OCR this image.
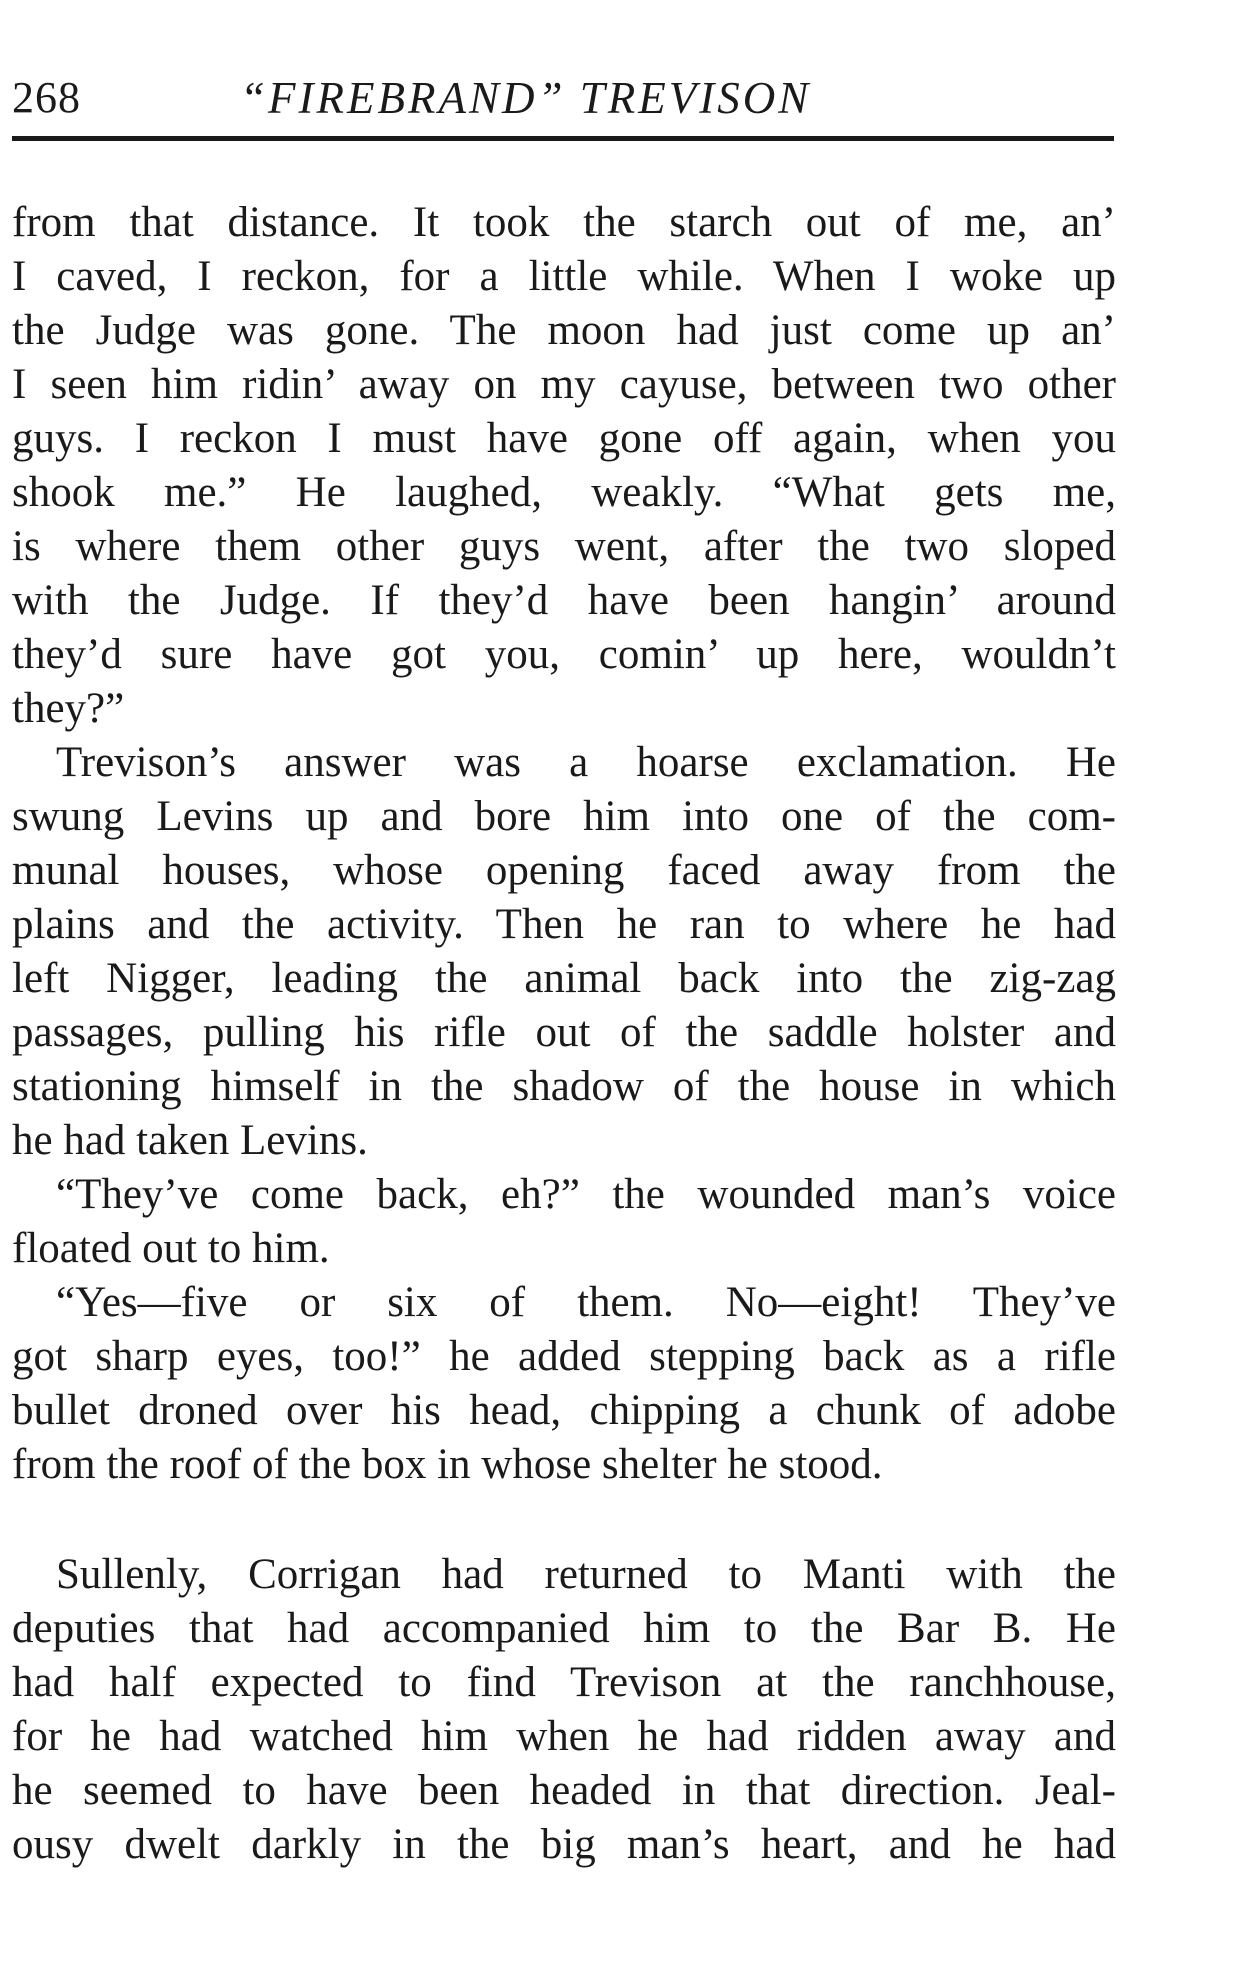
268	“FIREBRAND” TREVISON
from that distance. It took the starch out of me, an’
I caved, I reckon, for a little while. When I woke up
the Judge was gone. The moon had just come up an’
I seen him ridin’ away on my cayuse, between two other
guys. I reckon I must have gone off again, when you
shook me.” He laughed, weakly. “What gets me,
is where them other guys went, after the two sloped
with the Judge. If they’d have been hangin’ around
they’d sure have got you, comin’ up here, wouldn’t
they?”
Trevison’s answer was a hoarse exclamation. He
swung Levins up and bore him into one of the com-
munal houses, whose opening faced away from the
plains and the activity. Then he ran to where he had
left Nigger, leading the animal back into the zig-zag
passages, pulling his rifle out of the saddle holster and
stationing himself in the shadow of the house in which
he had taken Levins.
“They’ve come back, eh?” the wounded man’s voice
floated out to him.
“Yes—five or six of them. No—eight! They’ve
got sharp eyes, too!” he added stepping back as a rifle
bullet droned over his head, chipping a chunk of adobe
from the roof of the box in whose shelter he stood.
Sullenly, Corrigan had returned to Manti with the
deputies that had accompanied him to the Bar B. He
had half expected to find Trevison at the ranchhouse,
for he had watched him when he had ridden away and
he seemed to have been headed in that direction. Jeal-
ousy dwelt darkly in the big man’s heart, and he had
